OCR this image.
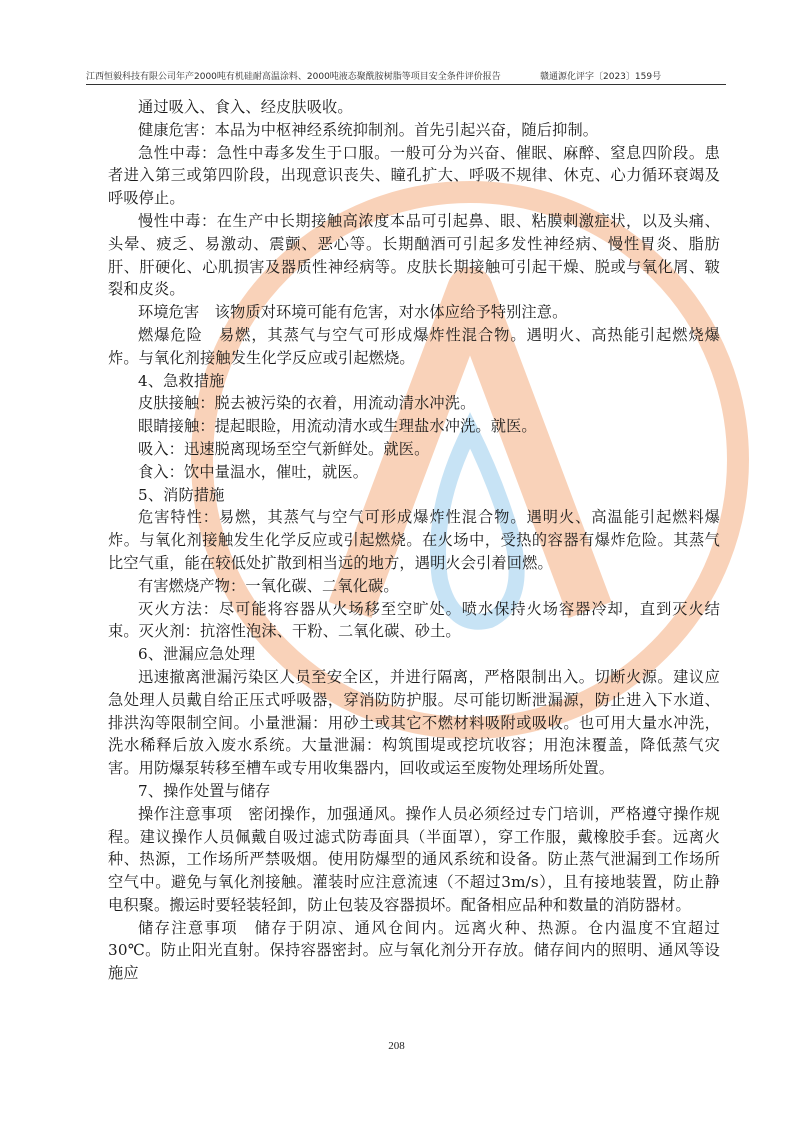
江西恒毅科技有限公司年产2000吨有机硅耐高温涂料、2000吨液态聚酰胺树脂等项目安全条件评价报告	赣通源化评字〔2023〕159号

通过吸入、食入、经皮肤吸收。

健康危害：本品为中枢神经系统抑制剂。首先引起兴奋，随后抑制。

急性中毒：急性中毒多发生于口服。一般可分为兴奋、催眠、麻醉、窒息四阶段。患者进入第三或第四阶段，出现意识丧失、瞳孔扩大、呼吸不规律、休克、心力循环衰竭及呼吸停止。

慢性中毒：在生产中长期接触高浓度本品可引起鼻、眼、粘膜刺激症状，以及头痛、头晕、疲乏、易激动、震颤、恶心等。长期酗酒可引起多发性神经病、慢性胃炎、脂肪肝、肝硬化、心肌损害及器质性神经病等。皮肤长期接触可引起干燥、脱或与氧化屑、皲裂和皮炎。

环境危害　该物质对环境可能有危害，对水体应给予特别注意。

燃爆危险　易燃，其蒸气与空气可形成爆炸性混合物。遇明火、高热能引起燃烧爆炸。与氧化剂接触发生化学反应或引起燃烧。

4、急救措施

皮肤接触：脱去被污染的衣着，用流动清水冲洗。

眼睛接触：提起眼睑，用流动清水或生理盐水冲洗。就医。

吸入：迅速脱离现场至空气新鲜处。就医。

食入：饮中量温水，催吐，就医。

5、消防措施

危害特性：易燃，其蒸气与空气可形成爆炸性混合物。遇明火、高温能引起燃料爆炸。与氧化剂接触发生化学反应或引起燃烧。在火场中，受热的容器有爆炸危险。其蒸气比空气重，能在较低处扩散到相当远的地方，遇明火会引着回燃。

有害燃烧产物：一氧化碳、二氧化碳。

灭火方法：尽可能将容器从火场移至空旷处。喷水保持火场容器冷却，直到灭火结束。灭火剂：抗溶性泡沫、干粉、二氧化碳、砂土。

6、泄漏应急处理

迅速撤离泄漏污染区人员至安全区，并进行隔离，严格限制出入。切断火源。建议应急处理人员戴自给正压式呼吸器，穿消防防护服。尽可能切断泄漏源，防止进入下水道、排洪沟等限制空间。小量泄漏：用砂土或其它不燃材料吸附或吸收。也可用大量水冲洗，洗水稀释后放入废水系统。大量泄漏：构筑围堤或挖坑收容；用泡沫覆盖，降低蒸气灾害。用防爆泵转移至槽车或专用收集器内，回收或运至废物处理场所处置。

7、操作处置与储存

操作注意事项　密闭操作，加强通风。操作人员必须经过专门培训，严格遵守操作规程。建议操作人员佩戴自吸过滤式防毒面具（半面罩），穿工作服，戴橡胶手套。远离火种、热源，工作场所严禁吸烟。使用防爆型的通风系统和设备。防止蒸气泄漏到工作场所空气中。避免与氧化剂接触。灌装时应注意流速（不超过3m/s），且有接地装置，防止静电积聚。搬运时要轻装轻卸，防止包装及容器损坏。配备相应品种和数量的消防器材。

储存注意事项　储存于阴凉、通风仓间内。远离火种、热源。仓内温度不宜超过30℃。防止阳光直射。保持容器密封。应与氧化剂分开存放。储存间内的照明、通风等设施应

208
